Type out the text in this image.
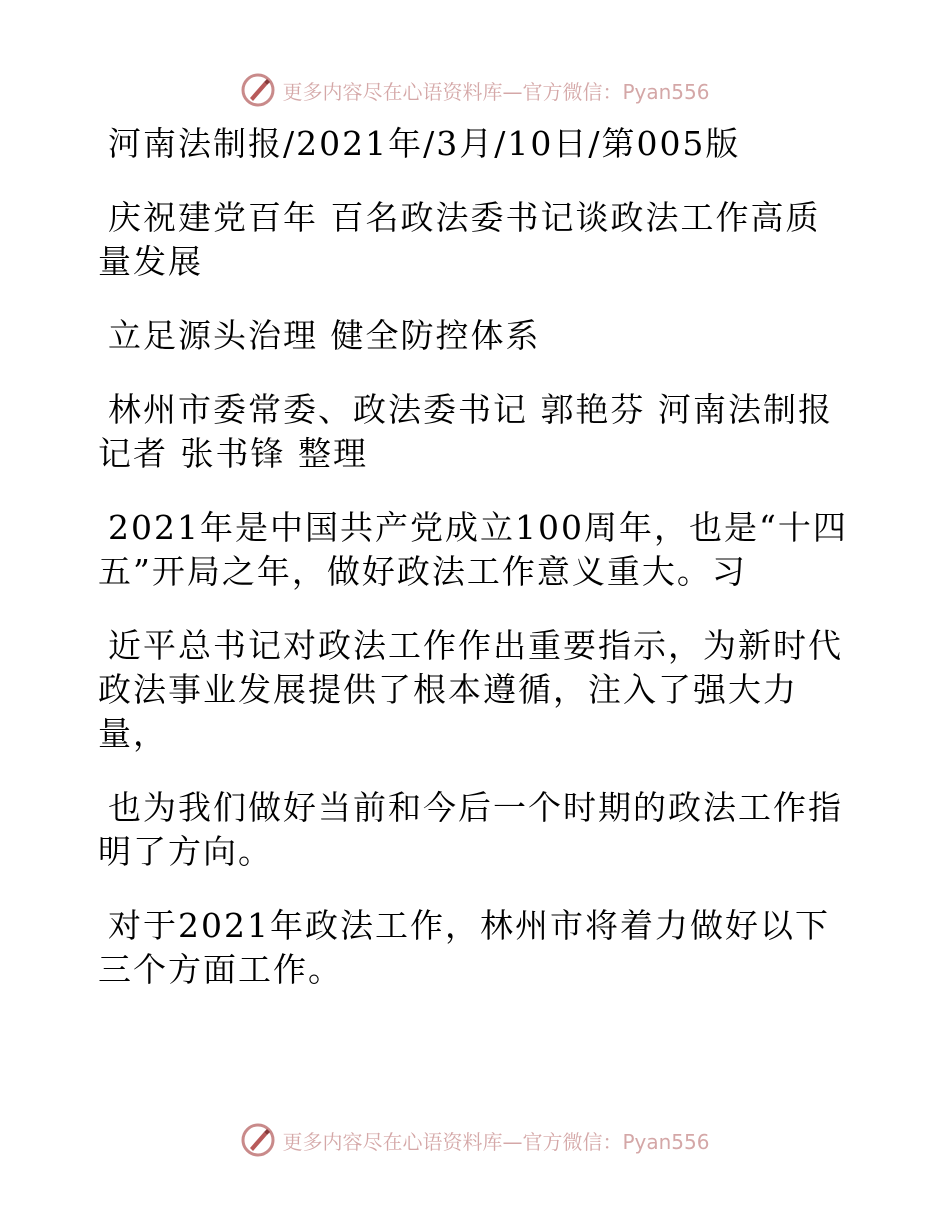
更多内容尽在心语资料库—官方微信：Pyan556

河南法制报/2021年/3月/10日/第005版

庆祝建党百年 百名政法委书记谈政法工作高质量发展

立足源头治理 健全防控体系

林州市委常委、政法委书记 郭艳芬 河南法制报记者 张书锋 整理

2021年是中国共产党成立100周年，也是“十四五”开局之年，做好政法工作意义重大。习

近平总书记对政法工作作出重要指示，为新时代政法事业发展提供了根本遵循，注入了强大力量，

也为我们做好当前和今后一个时期的政法工作指明了方向。

对于2021年政法工作，林州市将着力做好以下三个方面工作。

更多内容尽在心语资料库—官方微信：Pyan556
